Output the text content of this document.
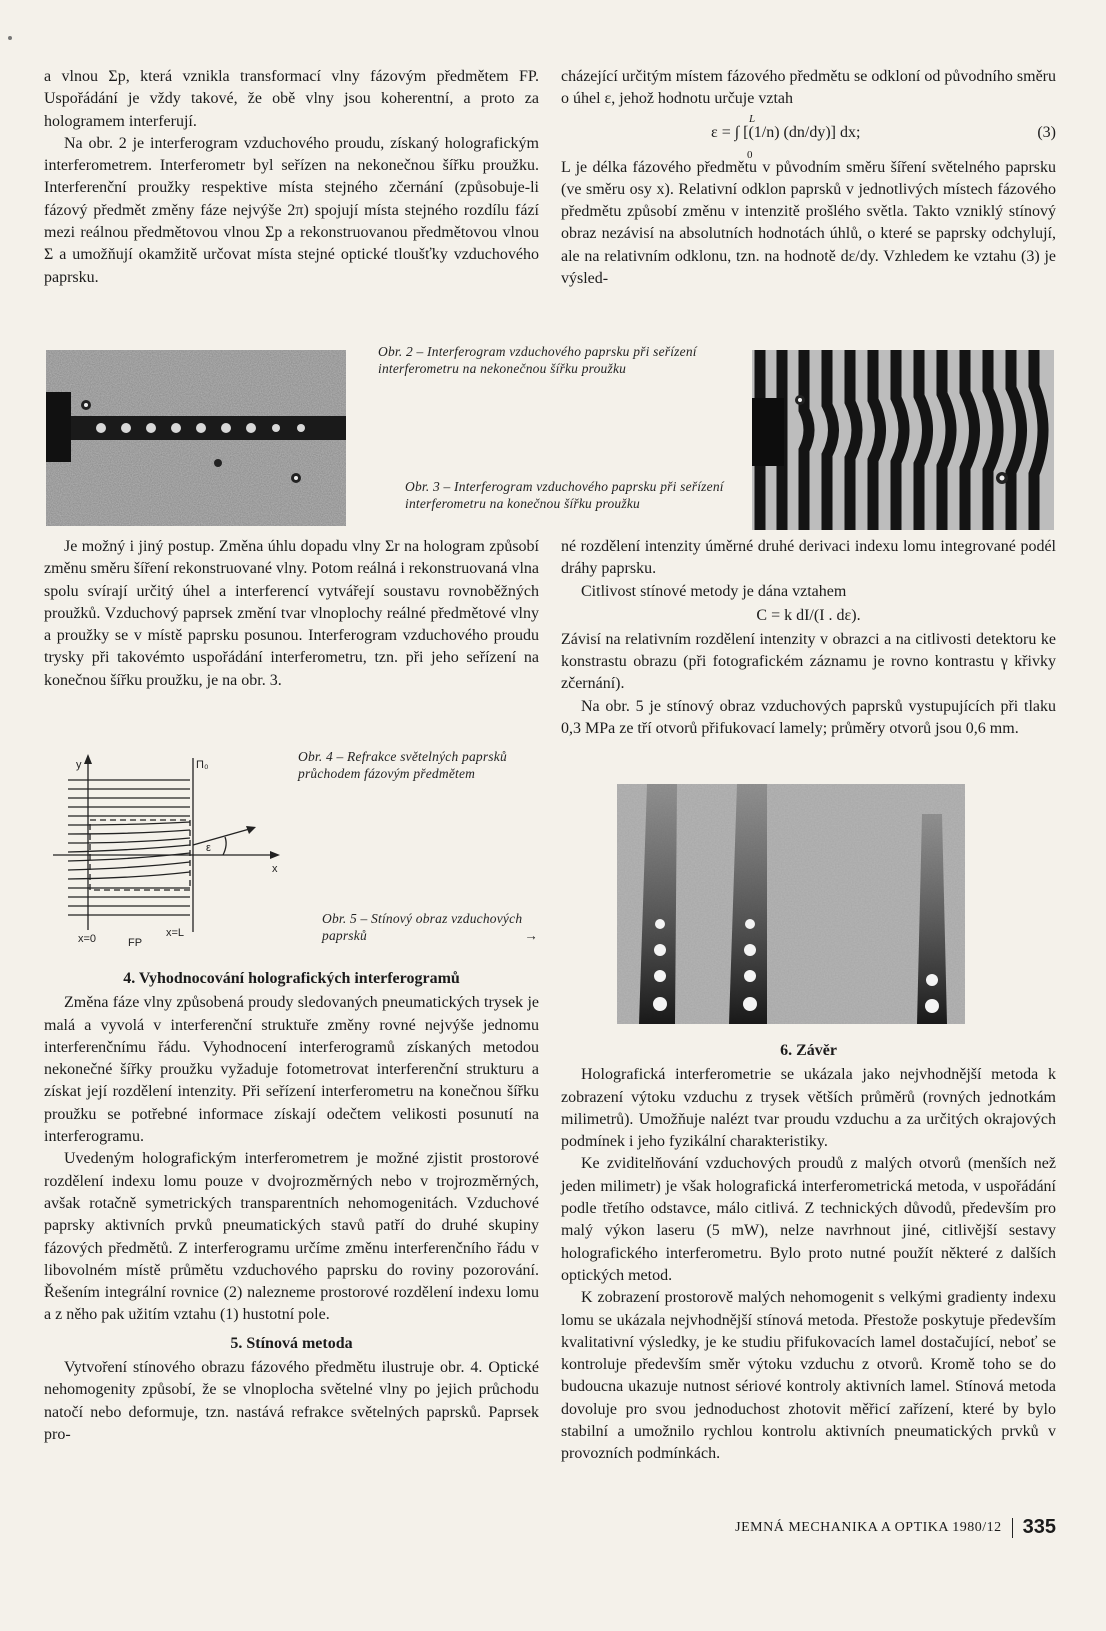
a vlnou Σp, která vznikla transformací vlny fázovým předmětem FP. Uspořádání je vždy takové, že obě vlny jsou koherentní, a proto za hologramem interferují.

Na obr. 2 je interferogram vzduchového proudu, získaný holografickým interferometrem. Interferometr byl seřízen na nekonečnou šířku proužku. Interferenční proužky respektive místa stejného zčernání (způsobuje-li fázový předmět změny fáze nejvýše 2π) spojují místa stejného rozdílu fází mezi reálnou předmětovou vlnou Σp a rekonstruovanou předmětovou vlnou Σ a umožňují okamžitě určovat místa stejné optické tloušťky vzduchového paprsku.

cházející určitým místem fázového předmětu se odkloní od původního směru o úhel ε, jehož hodnotu určuje vztah

L
0
ε = ∫ [(1/n) (dn/dy)] dx;	(3)

L je délka fázového předmětu v původním směru šíření světelného paprsku (ve směru osy x). Relativní odklon paprsků v jednotlivých místech fázového předmětu způsobí změnu v intenzitě prošlého světla. Takto vzniklý stínový obraz nezávisí na absolutních hodnotách úhlů, o které se paprsky odchylují, ale na relativním odklonu, tzn. na hodnotě dε/dy. Vzhledem ke vztahu (3) je výsled-

Obr. 2 – Interferogram vzduchového paprsku při seřízení interferometru na nekonečnou šířku proužku
Obr. 3 – Interferogram vzduchového paprsku při seřízení interferometru na konečnou šířku proužku

Je možný i jiný postup. Změna úhlu dopadu vlny Σr na hologram způsobí změnu směru šíření rekonstruované vlny. Potom reálná i rekonstruovaná vlna spolu svírají určitý úhel a interferencí vytvářejí soustavu rovnoběžných proužků. Vzduchový paprsek změní tvar vlnoplochy reálné předmětové vlny a proužky se v místě paprsku posunou. Interferogram vzduchového proudu trysky při takovémto uspořádání interferometru, tzn. při jeho seřízení na konečnou šířku proužku, je na obr. 3.

né rozdělení intenzity úměrné druhé derivaci indexu lomu integrované podél dráhy paprsku.

Citlivost stínové metody je dána vztahem

C = k dI/(I . dε).

Závisí na relativním rozdělení intenzity v obrazci a na citlivosti detektoru ke konstrastu obrazu (při fotografickém záznamu je rovno kontrastu γ křivky zčernání).

Na obr. 5 je stínový obraz vzduchových paprsků vystupujících při tlaku 0,3 MPa ze tří otvorů přifukovací lamely; průměry otvorů jsou 0,6 mm.

y	Π₀
ε
x
x=0	x=L
FP
Obr. 4 – Refrakce světelných paprsků průchodem fázovým předmětem
Obr. 5 – Stínový obraz vzduchových paprsků	→
4. Vyhodnocování holografických interferogramů

Změna fáze vlny způsobená proudy sledovaných pneumatických trysek je malá a vyvolá v interferenční struktuře změny rovné nejvýše jednomu interferenčnímu řádu. Vyhodnocení interferogramů získaných metodou nekonečné šířky proužku vyžaduje fotometrovat interferenční strukturu a získat její rozdělení intenzity. Při seřízení interferometru na konečnou šířku proužku se potřebné informace získají odečtem velikosti posunutí na interferogramu.

Uvedeným holografickým interferometrem je možné zjistit prostorové rozdělení indexu lomu pouze v dvojrozměrných nebo v trojrozměrných, avšak rotačně symetrických transparentních nehomogenitách. Vzduchové paprsky aktivních prvků pneumatických stavů patří do druhé skupiny fázových předmětů. Z interferogramu určíme změnu interferenčního řádu v libovolném místě průmětu vzduchového paprsku do roviny pozorování. Řešením integrální rovnice (2) nalezneme prostorové rozdělení indexu lomu a z něho pak užitím vztahu (1) hustotní pole.

5. Stínová metoda

Vytvoření stínového obrazu fázového předmětu ilustruje obr. 4. Optické nehomogenity způsobí, že se vlnoplocha světelné vlny po jejich průchodu natočí nebo deformuje, tzn. nastává refrakce světelných paprsků. Paprsek pro-

6. Závěr

Holografická interferometrie se ukázala jako nejvhodnější metoda k zobrazení výtoku vzduchu z trysek větších průměrů (rovných jednotkám milimetrů). Umožňuje nalézt tvar proudu vzduchu a za určitých okrajových podmínek i jeho fyzikální charakteristiky.

Ke zviditelňování vzduchových proudů z malých otvorů (menších než jeden milimetr) je však holografická interferometrická metoda, v uspořádání podle třetího odstavce, málo citlivá. Z technických důvodů, především pro malý výkon laseru (5 mW), nelze navrhnout jiné, citlivější sestavy holografického interferometru. Bylo proto nutné použít některé z dalších optických metod.

K zobrazení prostorově malých nehomogenit s velkými gradienty indexu lomu se ukázala nejvhodnější stínová metoda. Přestože poskytuje především kvalitativní výsledky, je ke studiu přifukovacích lamel dostačující, neboť se kontroluje především směr výtoku vzduchu z otvorů. Kromě toho se do budoucna ukazuje nutnost sériové kontroly aktivních lamel. Stínová metoda dovoluje pro svou jednoduchost zhotovit měřicí zařízení, které by bylo stabilní a umožnilo rychlou kontrolu aktivních pneumatických prvků v provozních podmínkách.

JEMNÁ MECHANIKA A OPTIKA 1980/12 335
